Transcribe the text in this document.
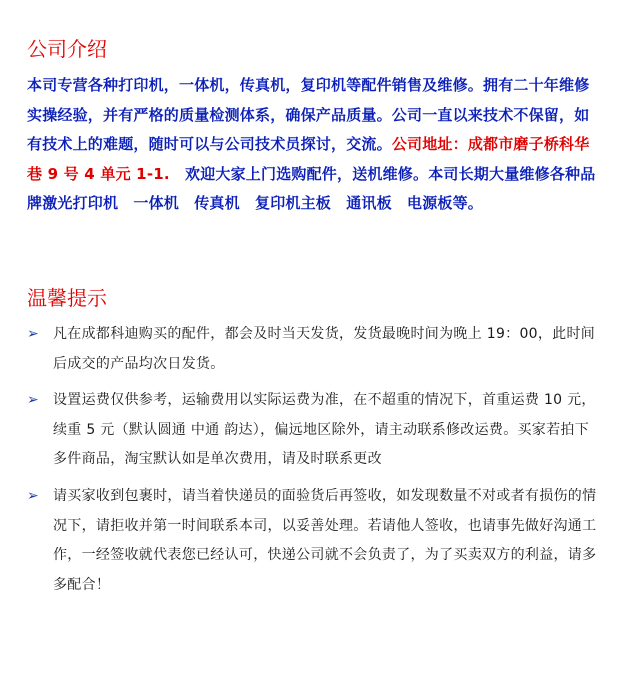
公司介绍

本司专营各种打印机，一体机，传真机，复印机等配件销售及维修。拥有二十年维修实操经验，并有严格的质量检测体系，确保产品质量。公司一直以来技术不保留，如有技术上的难题，随时可以与公司技术员探讨，交流。公司地址：成都市磨子桥科华巷 9 号 4 单元 1-1.　 欢迎大家上门选购配件，送机维修。本司长期大量维修各种品牌激光打印机　一体机　传真机　复印机主板　通讯板　电源板等。

温馨提示
➢ 凡在成都科迪购买的配件，都会及时当天发货，发货最晚时间为晚上 19：00，此时间后成交的产品均次日发货。
➢ 设置运费仅供参考，运输费用以实际运费为准，在不超重的情况下，首重运费 10 元，续重 5 元（默认圆通 中通 韵达），偏远地区除外，请主动联系修改运费。买家若拍下多件商品，淘宝默认如是单次费用，请及时联系更改
➢ 请买家收到包裹时，请当着快递员的面验货后再签收，如发现数量不对或者有损伤的情况下，请拒收并第一时间联系本司，以妥善处理。若请他人签收，也请事先做好沟通工作，一经签收就代表您已经认可，快递公司就不会负责了，为了买卖双方的利益，请多多配合！
